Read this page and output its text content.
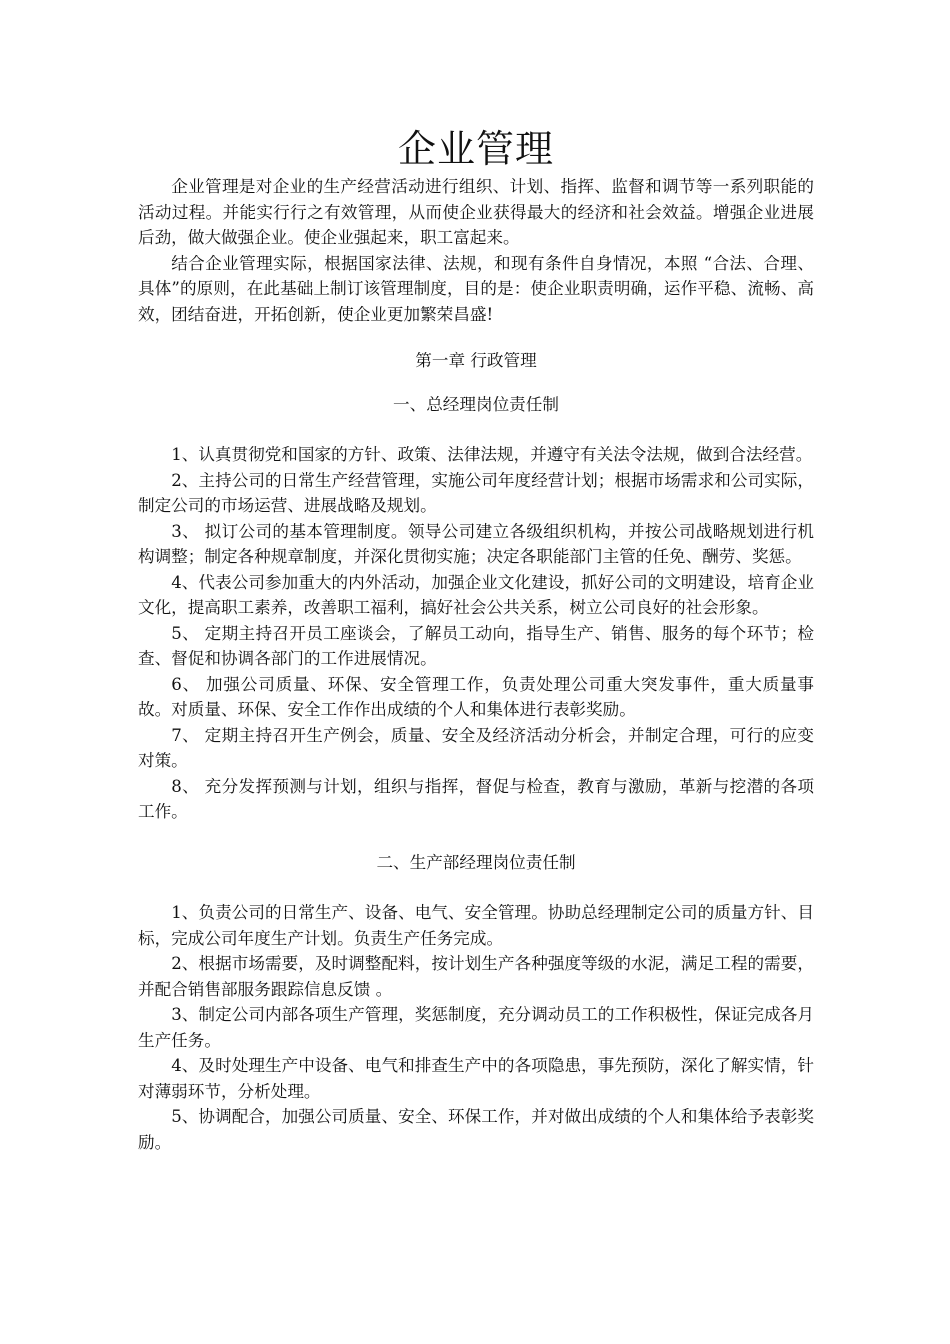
企业管理

企业管理是对企业的生产经营活动进行组织、计划、指挥、监督和调节等一系列职能的活动过程。并能实行行之有效管理，从而使企业获得最大的经济和社会效益。增强企业进展后劲，做大做强企业。使企业强起来，职工富起来。

结合企业管理实际，根据国家法律、法规，和现有条件自身情况，本照 “合法、合理、具体”的原则，在此基础上制订该管理制度，目的是：使企业职责明确，运作平稳、流畅、高效，团结奋进，开拓创新，使企业更加繁荣昌盛!

第一章 行政管理
一、总经理岗位责任制

1、认真贯彻党和国家的方针、政策、法律法规，并遵守有关法令法规，做到合法经营。

2、主持公司的日常生产经营管理，实施公司年度经营计划；根据市场需求和公司实际，制定公司的市场运营、进展战略及规划。

3、 拟订公司的基本管理制度。领导公司建立各级组织机构，并按公司战略规划进行机构调整；制定各种规章制度，并深化贯彻实施；决定各职能部门主管的任免、酬劳、奖惩。

4、代表公司参加重大的内外活动，加强企业文化建设，抓好公司的文明建设，培育企业文化，提高职工素养，改善职工福利，搞好社会公共关系，树立公司良好的社会形象。

5、 定期主持召开员工座谈会，了解员工动向，指导生产、销售、服务的每个环节；检查、督促和协调各部门的工作进展情况。

6、 加强公司质量、环保、安全管理工作，负责处理公司重大突发事件，重大质量事故。对质量、环保、安全工作作出成绩的个人和集体进行表彰奖励。

7、 定期主持召开生产例会，质量、安全及经济活动分析会，并制定合理，可行的应变对策。

8、 充分发挥预测与计划，组织与指挥，督促与检查，教育与激励，革新与挖潜的各项工作。

二、生产部经理岗位责任制

1、负责公司的日常生产、设备、电气、安全管理。协助总经理制定公司的质量方针、目标，完成公司年度生产计划。负责生产任务完成。

2、根据市场需要，及时调整配料，按计划生产各种强度等级的水泥，满足工程的需要，并配合销售部服务跟踪信息反馈 。

3、制定公司内部各项生产管理，奖惩制度，充分调动员工的工作积极性，保证完成各月生产任务。

4、及时处理生产中设备、电气和排查生产中的各项隐患，事先预防，深化了解实情，针对薄弱环节，分析处理。

5、协调配合，加强公司质量、安全、环保工作，并对做出成绩的个人和集体给予表彰奖励。
